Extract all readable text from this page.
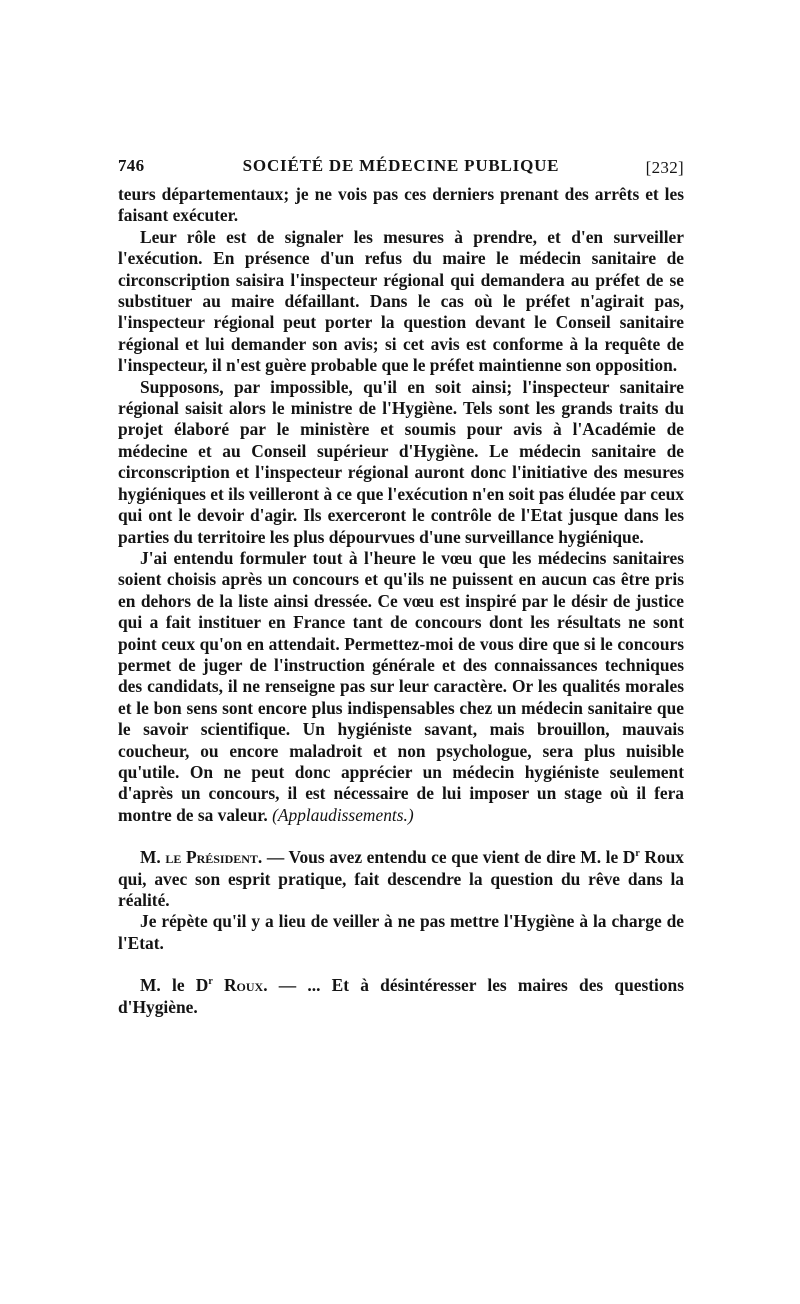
746	SOCIÉTÉ DE MÉDECINE PUBLIQUE	[232]

teurs départementaux; je ne vois pas ces derniers prenant des arrêts et les faisant exécuter.

Leur rôle est de signaler les mesures à prendre, et d'en surveiller l'exécution. En présence d'un refus du maire le médecin sanitaire de circonscription saisira l'inspecteur régional qui demandera au préfet de se substituer au maire défaillant. Dans le cas où le préfet n'agirait pas, l'inspecteur régional peut porter la question devant le Conseil sanitaire régional et lui demander son avis; si cet avis est conforme à la requête de l'inspecteur, il n'est guère probable que le préfet maintienne son opposition.

Supposons, par impossible, qu'il en soit ainsi; l'inspecteur sanitaire régional saisit alors le ministre de l'Hygiène. Tels sont les grands traits du projet élaboré par le ministère et soumis pour avis à l'Académie de médecine et au Conseil supérieur d'Hygiène. Le médecin sanitaire de circonscription et l'inspecteur régional auront donc l'initiative des mesures hygiéniques et ils veilleront à ce que l'exécution n'en soit pas éludée par ceux qui ont le devoir d'agir. Ils exerceront le contrôle de l'Etat jusque dans les parties du territoire les plus dépourvues d'une surveillance hygiénique.

J'ai entendu formuler tout à l'heure le vœu que les médecins sanitaires soient choisis après un concours et qu'ils ne puissent en aucun cas être pris en dehors de la liste ainsi dressée. Ce vœu est inspiré par le désir de justice qui a fait instituer en France tant de concours dont les résultats ne sont point ceux qu'on en attendait. Permettez-moi de vous dire que si le concours permet de juger de l'instruction générale et des connaissances techniques des candidats, il ne renseigne pas sur leur caractère. Or les qualités morales et le bon sens sont encore plus indispensables chez un médecin sanitaire que le savoir scientifique. Un hygiéniste savant, mais brouillon, mauvais coucheur, ou encore maladroit et non psychologue, sera plus nuisible qu'utile. On ne peut donc apprécier un médecin hygiéniste seulement d'après un concours, il est nécessaire de lui imposer un stage où il fera montre de sa valeur. (Applaudissements.)

M. le Président. — Vous avez entendu ce que vient de dire M. le $D^r$ Roux qui, avec son esprit pratique, fait descendre la question du rêve dans la réalité.

Je répète qu'il y a lieu de veiller à ne pas mettre l'Hygiène à la charge de l'Etat.

M. le $D^r$ Roux. — ... Et à désintéresser les maires des questions d'Hygiène.
